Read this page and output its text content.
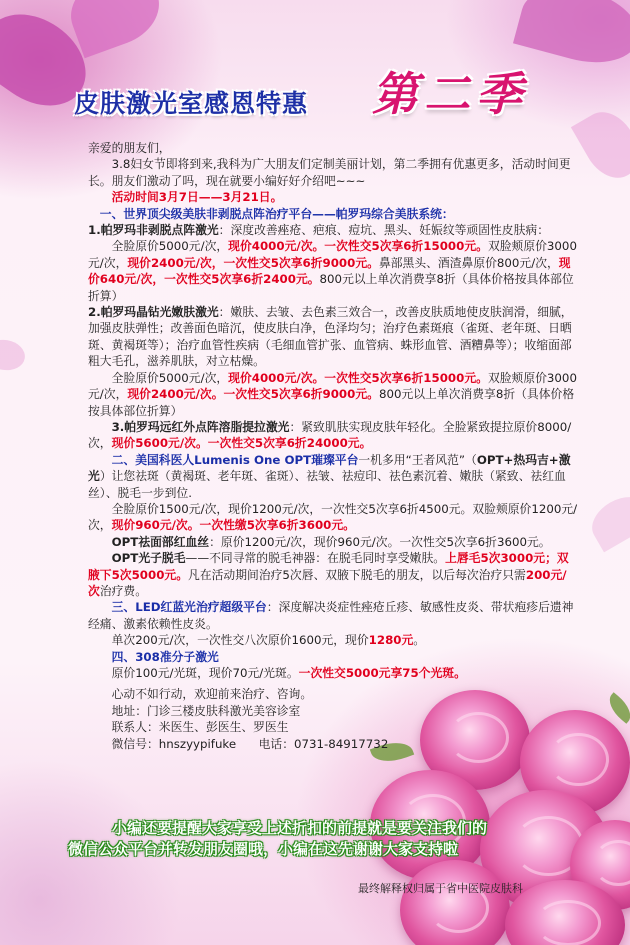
皮肤激光室感恩特惠 第二季

亲爱的朋友们，

3.8妇女节即将到来,我科为广大朋友们定制美丽计划，第二季拥有优惠更多，活动时间更长。朋友们激动了吗，现在就要小编好好介绍吧~~~

活动时间3月7日——3月21日。

一、世界顶尖级美肤非剥脱点阵治疗平台——帕罗玛综合美肤系统：

1.帕罗玛非剥脱点阵激光：深度改善痤疮、疤痕、痘坑、黑头、妊娠纹等顽固性皮肤病：

全脸原价5000元/次，现价4000元/次。一次性交5次享6折15000元。双脸颊原价3000元/次，现价2400元/次，一次性交5次享6折9000元。鼻部黑头、酒渣鼻原价800元/次，现价640元/次，一次性交5次享6折2400元。800元以上单次消费享8折（具体价格按具体部位折算）

2.帕罗玛晶钻光嫩肤激光：嫩肤、去皱、去色素三效合一，改善皮肤质地使皮肤润滑，细腻，加强皮肤弹性；改善面色暗沉，使皮肤白净，色泽均匀；治疗色素斑痕（雀斑、老年斑、日晒斑、黄褐斑等）；治疗血管性疾病（毛细血管扩张、血管病、蛛形血管、酒糟鼻等）；收缩面部粗大毛孔，滋养肌肤，对立枯燥。

全脸原价5000元/次，现价4000元/次。一次性交5次享6折15000元。双脸颊原价3000元/次，现价2400元/次。一次性交5次享6折9000元。800元以上单次消费享8折（具体价格按具体部位折算）

3.帕罗玛远红外点阵溶脂提拉激光：紧致肌肤实现皮肤年轻化。全脸紧致提拉原价8000/次，现价5600元/次。一次性交5次享6折24000元。

二、美国科医人Lumenis One OPT璀璨平台一机多用“王者风范”（OPT+热玛吉+激光）让您祛斑（黄褐斑、老年斑、雀斑）、祛皱、祛痘印、祛色素沉着、嫩肤（紧致、祛红血丝）、脱毛一步到位.

全脸原价1500元/次，现价1200元/次，一次性交5次享6折4500元。双脸颊原价1200元/次，现价960元/次。一次性缴5次享6折3600元。

OPT祛面部红血丝：原价1200元/次，现价960元/次。一次性交5次享6折3600元。

OPT光子脱毛——不同寻常的脱毛神器：在脱毛同时享受嫩肤。上唇毛5次3000元；双腋下5次5000元。凡在活动期间治疗5次唇、双腋下脱毛的朋友，以后每次治疗只需200元/次治疗费。

三、LED红蓝光治疗超级平台：深度解决炎症性痤疮丘疹、敏感性皮炎、带状疱疹后遗神经痛、激素依赖性皮炎。

单次200元/次，一次性交八次原价1600元，现价1280元。

四、308准分子激光

原价100元/光斑，现价70元/光斑。一次性交5000元享75个光斑。

心动不如行动，欢迎前来治疗、咨询。

地址：门诊三楼皮肤科激光美容诊室

联系人：米医生、彭医生、罗医生

微信号：hnszyypifuke 电话：0731-84917732

小编还要提醒大家享受上述折扣的前提就是要关注我们的

微信公众平台并转发朋友圈哦，小编在这先谢谢大家支持啦

最终解释权归属于省中医院皮肤科
